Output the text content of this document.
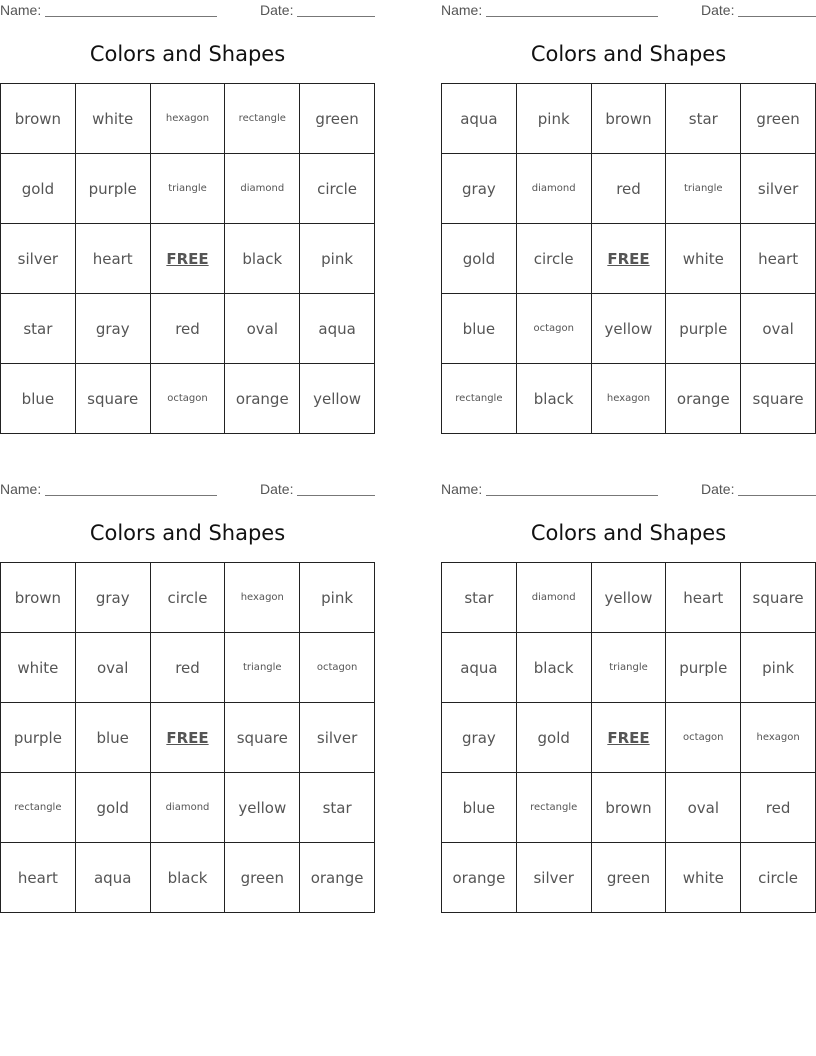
Name:	Date:
Colors and Shapes
brown	white	hexagon	rectangle	green
gold	purple	triangle	diamond	circle
silver	heart	FREE	black	pink
star	gray	red	oval	aqua
blue	square	octagon	orange	yellow
Name:	Date:
Colors and Shapes
aqua	pink	brown	star	green
gray	diamond	red	triangle	silver
gold	circle	FREE	white	heart
blue	octagon	yellow	purple	oval
rectangle	black	hexagon	orange	square
Name:	Date:
Colors and Shapes
brown	gray	circle	hexagon	pink
white	oval	red	triangle	octagon
purple	blue	FREE	square	silver
rectangle	gold	diamond	yellow	star
heart	aqua	black	green	orange
Name:	Date:
Colors and Shapes
star	diamond	yellow	heart	square
aqua	black	triangle	purple	pink
gray	gold	FREE	octagon	hexagon
blue	rectangle	brown	oval	red
orange	silver	green	white	circle
